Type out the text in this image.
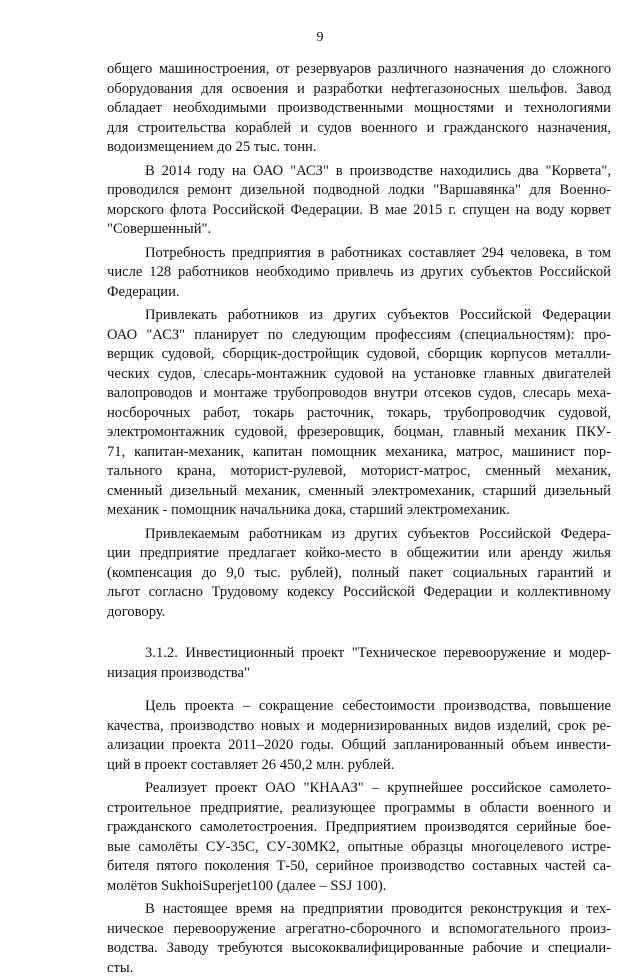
9
общего машиностроения, от резервуаров различного назначения до сложного
оборудования для освоения и разработки нефтегазоносных шельфов. Завод
обладает необходимыми производственными мощностями и технологиями
для строительства кораблей и судов военного и гражданского назначения,
водоизмещением до 25 тыс. тонн.
В 2014 году на ОАО "АСЗ" в производстве находились два "Корвета",
проводился ремонт дизельной подводной лодки "Варшавянка" для Военно-
морского флота Российской Федерации. В мае 2015 г. спущен на воду корвет
"Совершенный".
Потребность предприятия в работниках составляет 294 человека, в том
числе 128 работников необходимо привлечь из других субъектов Российской
Федерации.
Привлекать работников из других субъектов Российской Федерации
ОАО "АСЗ" планирует по следующим профессиям (специальностям): про-
верщик судовой, сборщик-достройщик судовой, сборщик корпусов металли-
ческих судов, слесарь-монтажник судовой на установке главных двигателей
валопроводов и монтаже трубопроводов внутри отсеков судов, слесарь меха-
носборочных работ, токарь расточник, токарь, трубопроводчик судовой,
электромонтажник судовой, фрезеровщик, боцман, главный механик ПКУ-
71, капитан-механик, капитан помощник механика, матрос, машинист пор-
тального крана, моторист-рулевой, моторист-матрос, сменный механик,
сменный дизельный механик, сменный электромеханик, старший дизельный
механик - помощник начальника дока, старший электромеханик.
Привлекаемым работникам из других субъектов Российской Федера-
ции предприятие предлагает койко-место в общежитии или аренду жилья
(компенсация до 9,0 тыс. рублей), полный пакет социальных гарантий и
льгот согласно Трудовому кодексу Российской Федерации и коллективному
договору.
3.1.2. Инвестиционный проект "Техническое перевооружение и модер-
низация производства"
Цель проекта – сокращение себестоимости производства, повышение
качества, производство новых и модернизированных видов изделий, срок ре-
ализации проекта 2011–2020 годы. Общий запланированный объем инвести-
ций в проект составляет 26 450,2 млн. рублей.
Реализует проект ОАО "КНААЗ" – крупнейшее российское самолето-
строительное предприятие, реализующее программы в области военного и
гражданского самолетостроения. Предприятием производятся серийные бое-
вые самолёты СУ-35С, СУ-30МК2, опытные образцы многоцелевого истре-
бителя пятого поколения Т-50, серийное производство составных частей са-
молётов SukhoiSuperjet100 (далее – SSJ 100).
В настоящее время на предприятии проводится реконструкция и тех-
ническое перевооружение агрегатно-сборочного и вспомогательного произ-
водства. Заводу требуются высококвалифицированные рабочие и специали-
сты.
